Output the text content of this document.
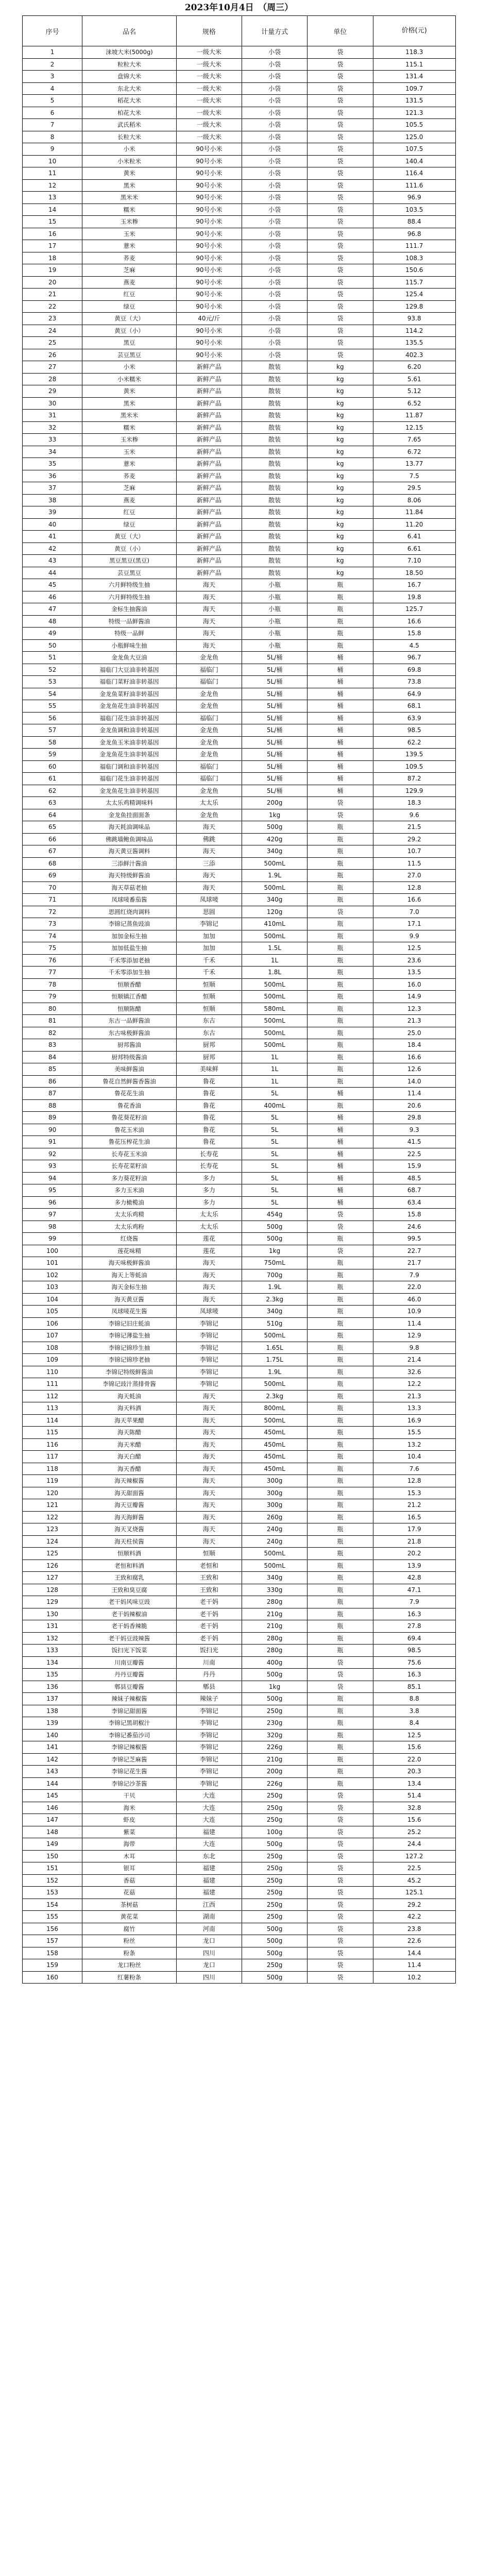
2023年10月4日　（周三）
序号	品名	规格	计量方式	单位	价格(元)
1	涞坡大米(5000g)	一级大米	小袋	袋	118.3
2	粒粒大米	一级大米	小袋	袋	115.1
3	盘锦大米	一级大米	小袋	袋	131.4
4	东北大米	一级大米	小袋	袋	109.7
5	稻花大米	一级大米	小袋	袋	131.5
6	柏花大米	一级大米	小袋	袋	121.3
7	武氏稻米	一级大米	小袋	袋	105.5
8	长粒大米	一级大米	小袋	袋	125.0
9	小米	90号小米	小袋	袋	107.5
10	小米粒米	90号小米	小袋	袋	140.4
11	黄米	90号小米	小袋	袋	116.4
12	黑米	90号小米	小袋	袋	111.6
13	黑米米	90号小米	小袋	袋	96.9
14	糯米	90号小米	小袋	袋	103.5
15	玉米糁	90号小米	小袋	袋	88.4
16	玉米	90号小米	小袋	袋	96.8
17	薏米	90号小米	小袋	袋	111.7
18	荞麦	90号小米	小袋	袋	108.3
19	芝麻	90号小米	小袋	袋	150.6
20	燕麦	90号小米	小袋	袋	115.7
21	红豆	90号小米	小袋	袋	125.4
22	绿豆	90号小米	小袋	袋	129.8
23	黄豆（大）	40元/斤	小袋	袋	93.8
24	黄豆（小）	90号小米	小袋	袋	114.2
25	黑豆	90号小米	小袋	袋	135.5
26	芸豆黑豆	90号小米	小袋	袋	402.3
27	小米	新鲜产品	散装	kg	6.20
28	小米糯米	新鲜产品	散装	kg	5.61
29	黄米	新鲜产品	散装	kg	5.12
30	黑米	新鲜产品	散装	kg	6.52
31	黑米米	新鲜产品	散装	kg	11.87
32	糯米	新鲜产品	散装	kg	12.15
33	玉米糁	新鲜产品	散装	kg	7.65
34	玉米	新鲜产品	散装	kg	6.72
35	薏米	新鲜产品	散装	kg	13.77
36	荞麦	新鲜产品	散装	kg	7.5
37	芝麻	新鲜产品	散装	kg	29.5
38	燕麦	新鲜产品	散装	kg	8.06
39	红豆	新鲜产品	散装	kg	11.84
40	绿豆	新鲜产品	散装	kg	11.20
41	黄豆（大）	新鲜产品	散装	kg	6.41
42	黄豆（小）	新鲜产品	散装	kg	6.61
43	黑豆黑豆(黑豆)	新鲜产品	散装	kg	7.10
44	芸豆黑豆	新鲜产品	散装	kg	18.50
45	六月鲜特级生抽	海天	小瓶	瓶	16.7
46	六月鲜特级生抽	海天	小瓶	瓶	19.8
47	金标生抽酱油	海天	小瓶	瓶	125.7
48	特级一品鲜酱油	海天	小瓶	瓶	16.6
49	特级一品鲜	海天	小瓶	瓶	15.8
50	小瓶鲜味生抽	海天	小瓶	瓶	4.5
51	金龙鱼大豆油	金龙鱼	5L/桶	桶	96.7
52	福临门大豆油非转基因	福临门	5L/桶	桶	69.8
53	福临门菜籽油非转基因	福临门	5L/桶	桶	73.8
54	金龙鱼菜籽油非转基因	金龙鱼	5L/桶	桶	64.9
55	金龙鱼花生油非转基因	金龙鱼	5L/桶	桶	68.1
56	福临门花生油非转基因	福临门	5L/桶	桶	63.9
57	金龙鱼调和油非转基因	金龙鱼	5L/桶	桶	98.5
58	金龙鱼玉米油非转基因	金龙鱼	5L/桶	桶	62.2
59	金龙鱼花生油非转基因	金龙鱼	5L/桶	桶	139.5
60	福临门调和油非转基因	福临门	5L/桶	桶	109.5
61	福临门花生油非转基因	福临门	5L/桶	桶	87.2
62	金龙鱼花生油非转基因	金龙鱼	5L/桶	桶	129.9
63	太太乐鸡精调味料	太太乐	200g	袋	18.3
64	金龙鱼挂面面条	金龙鱼	1kg	袋	9.6
65	海天耗油调味品	海天	500g	瓶	21.5
66	佛跳墙鲍鱼调味品	佛跳	420g	瓶	29.2
67	海天黄豆酱调料	海天	340g	瓶	10.7
68	三添鲜汁酱油	三添	500mL	瓶	11.5
69	海天特级鲜酱油	海天	1.9L	瓶	27.0
70	海天草菇老抽	海天	500mL	瓶	12.8
71	凤球唛番茄酱	凤球唛	340g	瓶	16.6
72	思圆红烧肉调料	思圆	120g	袋	7.0
73	李锦记蒸鱼豉油	李锦记	410mL	瓶	17.1
74	加加金标生抽	加加	500mL	瓶	9.9
75	加加低盐生抽	加加	1.5L	瓶	12.5
76	千禾零添加老抽	千禾	1L	瓶	23.6
77	千禾零添加生抽	千禾	1.8L	瓶	13.5
78	恒顺香醋	恒顺	500mL	瓶	16.0
79	恒顺镇江香醋	恒顺	500mL	瓶	14.9
80	恒顺陈醋	恒顺	580mL	瓶	12.3
81	东古一品鲜酱油	东古	500mL	瓶	21.3
82	东古味极鲜酱油	东古	500mL	瓶	25.0
83	厨邦酱油	厨邦	500mL	瓶	18.4
84	厨邦特级酱油	厨邦	1L	瓶	16.6
85	美味鲜酱油	美味鲜	1L	瓶	12.6
86	鲁花自然鲜酱香酱油	鲁花	1L	瓶	14.0
87	鲁花花生油	鲁花	5L	桶	11.4
88	鲁花香油	鲁花	400mL	瓶	20.6
89	鲁花葵花籽油	鲁花	5L	桶	29.8
90	鲁花玉米油	鲁花	5L	桶	9.3
91	鲁花压榨花生油	鲁花	5L	桶	41.5
92	长寿花玉米油	长寿花	5L	桶	22.5
93	长寿花菜籽油	长寿花	5L	桶	15.9
94	多力葵花籽油	多力	5L	桶	48.5
95	多力玉米油	多力	5L	桶	68.7
96	多力橄榄油	多力	5L	桶	63.4
97	太太乐鸡精	太太乐	454g	袋	15.8
98	太太乐鸡粉	太太乐	500g	袋	24.6
99	红烧酱	莲花	500g	瓶	99.5
100	莲花味精	莲花	1kg	袋	22.7
101	海天味极鲜酱油	海天	750mL	瓶	21.7
102	海天上等蚝油	海天	700g	瓶	7.9
103	海天金标生抽	海天	1.9L	瓶	22.0
104	海天黄豆酱	海天	2.3kg	瓶	46.0
105	凤球唛花生酱	凤球唛	340g	瓶	10.9
106	李锦记旧庄蚝油	李锦记	510g	瓶	11.4
107	李锦记薄盐生抽	李锦记	500mL	瓶	12.9
108	李锦记锦珍生抽	李锦记	1.65L	瓶	9.8
109	李锦记锦珍老抽	李锦记	1.75L	瓶	21.4
110	李锦记特级鲜酱油	李锦记	1.9L	瓶	32.6
111	李锦记豉汁蒸排骨酱	李锦记	500mL	瓶	12.2
112	海天蚝油	海天	2.3kg	瓶	21.3
113	海天料酒	海天	800mL	瓶	13.3
114	海天苹果醋	海天	500mL	瓶	16.9
115	海天陈醋	海天	450mL	瓶	15.5
116	海天米醋	海天	450mL	瓶	13.2
117	海天白醋	海天	450mL	瓶	10.4
118	海天香醋	海天	450mL	瓶	7.6
119	海天辣椒酱	海天	300g	瓶	12.8
120	海天甜面酱	海天	300g	瓶	15.3
121	海天豆瓣酱	海天	300g	瓶	21.2
122	海天海鲜酱	海天	260g	瓶	16.5
123	海天叉烧酱	海天	240g	瓶	17.9
124	海天柱侯酱	海天	240g	瓶	21.8
125	恒顺料酒	恒顺	500mL	瓶	20.2
126	老恒和料酒	老恒和	500mL	瓶	13.9
127	王致和腐乳	王致和	340g	瓶	42.8
128	王致和臭豆腐	王致和	330g	瓶	47.1
129	老干妈风味豆豉	老干妈	280g	瓶	7.9
130	老干妈辣椒油	老干妈	210g	瓶	16.3
131	老干妈香辣脆	老干妈	210g	瓶	27.8
132	老干妈豆豉辣酱	老干妈	280g	瓶	69.4
133	饭扫光下饭菜	饭扫光	280g	瓶	98.5
134	川南豆瓣酱	川南	400g	袋	75.6
135	丹丹豆瓣酱	丹丹	500g	袋	16.3
136	郫县豆瓣酱	郫县	1kg	袋	85.1
137	辣妹子辣椒酱	辣妹子	500g	瓶	8.8
138	李锦记甜面酱	李锦记	250g	瓶	3.8
139	李锦记黑胡椒汁	李锦记	230g	瓶	8.4
140	李锦记番茄沙司	李锦记	320g	瓶	12.5
141	李锦记辣椒酱	李锦记	226g	瓶	15.6
142	李锦记芝麻酱	李锦记	210g	瓶	22.0
143	李锦记花生酱	李锦记	200g	瓶	20.3
144	李锦记沙茶酱	李锦记	226g	瓶	13.4
145	干贝	大连	250g	袋	51.4
146	海米	大连	250g	袋	32.8
147	虾皮	大连	250g	袋	15.6
148	紫菜	福建	100g	袋	25.2
149	海带	大连	500g	袋	24.4
150	木耳	东北	250g	袋	127.2
151	银耳	福建	250g	袋	22.5
152	香菇	福建	250g	袋	45.2
153	花菇	福建	250g	袋	125.1
154	茶树菇	江西	250g	袋	29.2
155	黄花菜	湖南	250g	袋	42.2
156	腐竹	河南	500g	袋	23.8
157	粉丝	龙口	500g	袋	22.6
158	粉条	四川	500g	袋	14.4
159	龙口粉丝	龙口	250g	袋	11.4
160	红薯粉条	四川	500g	袋	10.2
